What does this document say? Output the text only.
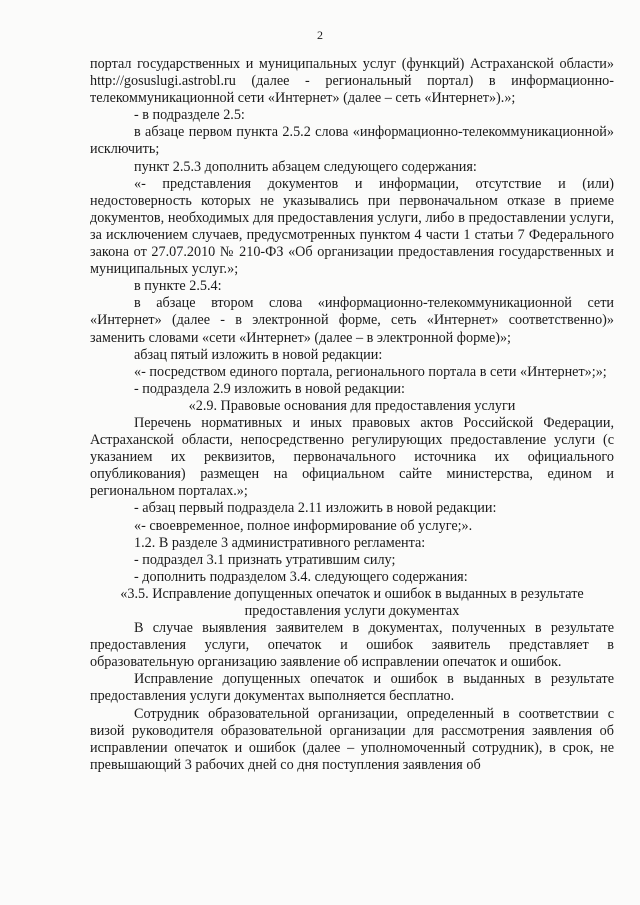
2

портал государственных и муниципальных услуг (функций) Астраханской области» http://gosuslugi.astrobl.ru (далее - региональный портал) в информационно-телекоммуникационной сети «Интернет» (далее – сеть «Интернет»).»;

- в подразделе 2.5:

в абзаце первом пункта 2.5.2 слова «информационно-телекоммуникационной» исключить;

пункт 2.5.3 дополнить абзацем следующего содержания:

«- представления документов и информации, отсутствие и (или) недостоверность которых не указывались при первоначальном отказе в приеме документов, необходимых для предоставления услуги, либо в предоставлении услуги, за исключением случаев, предусмотренных пунктом 4 части 1 статьи 7 Федерального закона от 27.07.2010 № 210-ФЗ «Об организации предоставления государственных и муниципальных услуг.»;

в пункте 2.5.4:

в абзаце втором слова «информационно-телекоммуникационной сети «Интернет» (далее - в электронной форме, сеть «Интернет» соответственно)» заменить словами «сети «Интернет» (далее – в электронной форме)»;

абзац пятый изложить в новой редакции:

«- посредством единого портала, регионального портала в сети «Интернет»;»;

- подраздела 2.9 изложить в новой редакции:

«2.9. Правовые основания для предоставления услуги

Перечень нормативных и иных правовых актов Российской Федерации, Астраханской области, непосредственно регулирующих предоставление услуги (с указанием их реквизитов, первоначального источника их официального опубликования) размещен на официальном сайте министерства, едином и региональном порталах.»;

- абзац первый подраздела 2.11 изложить в новой редакции:

«- своевременное, полное информирование об услуге;».

1.2. В разделе 3 административного регламента:

- подраздел 3.1 признать утратившим силу;

- дополнить подразделом 3.4. следующего содержания:

«3.5. Исправление допущенных опечаток и ошибок в выданных в результате предоставления услуги документах

В случае выявления заявителем в документах, полученных в результате предоставления услуги, опечаток и ошибок заявитель представляет в образовательную организацию заявление об исправлении опечаток и ошибок.

Исправление допущенных опечаток и ошибок в выданных в результате предоставления услуги документах выполняется бесплатно.

Сотрудник образовательной организации, определенный в соответствии с визой руководителя образовательной организации для рассмотрения заявления об исправлении опечаток и ошибок (далее – уполномоченный сотрудник), в срок, не превышающий 3 рабочих дней со дня поступления заявления об
